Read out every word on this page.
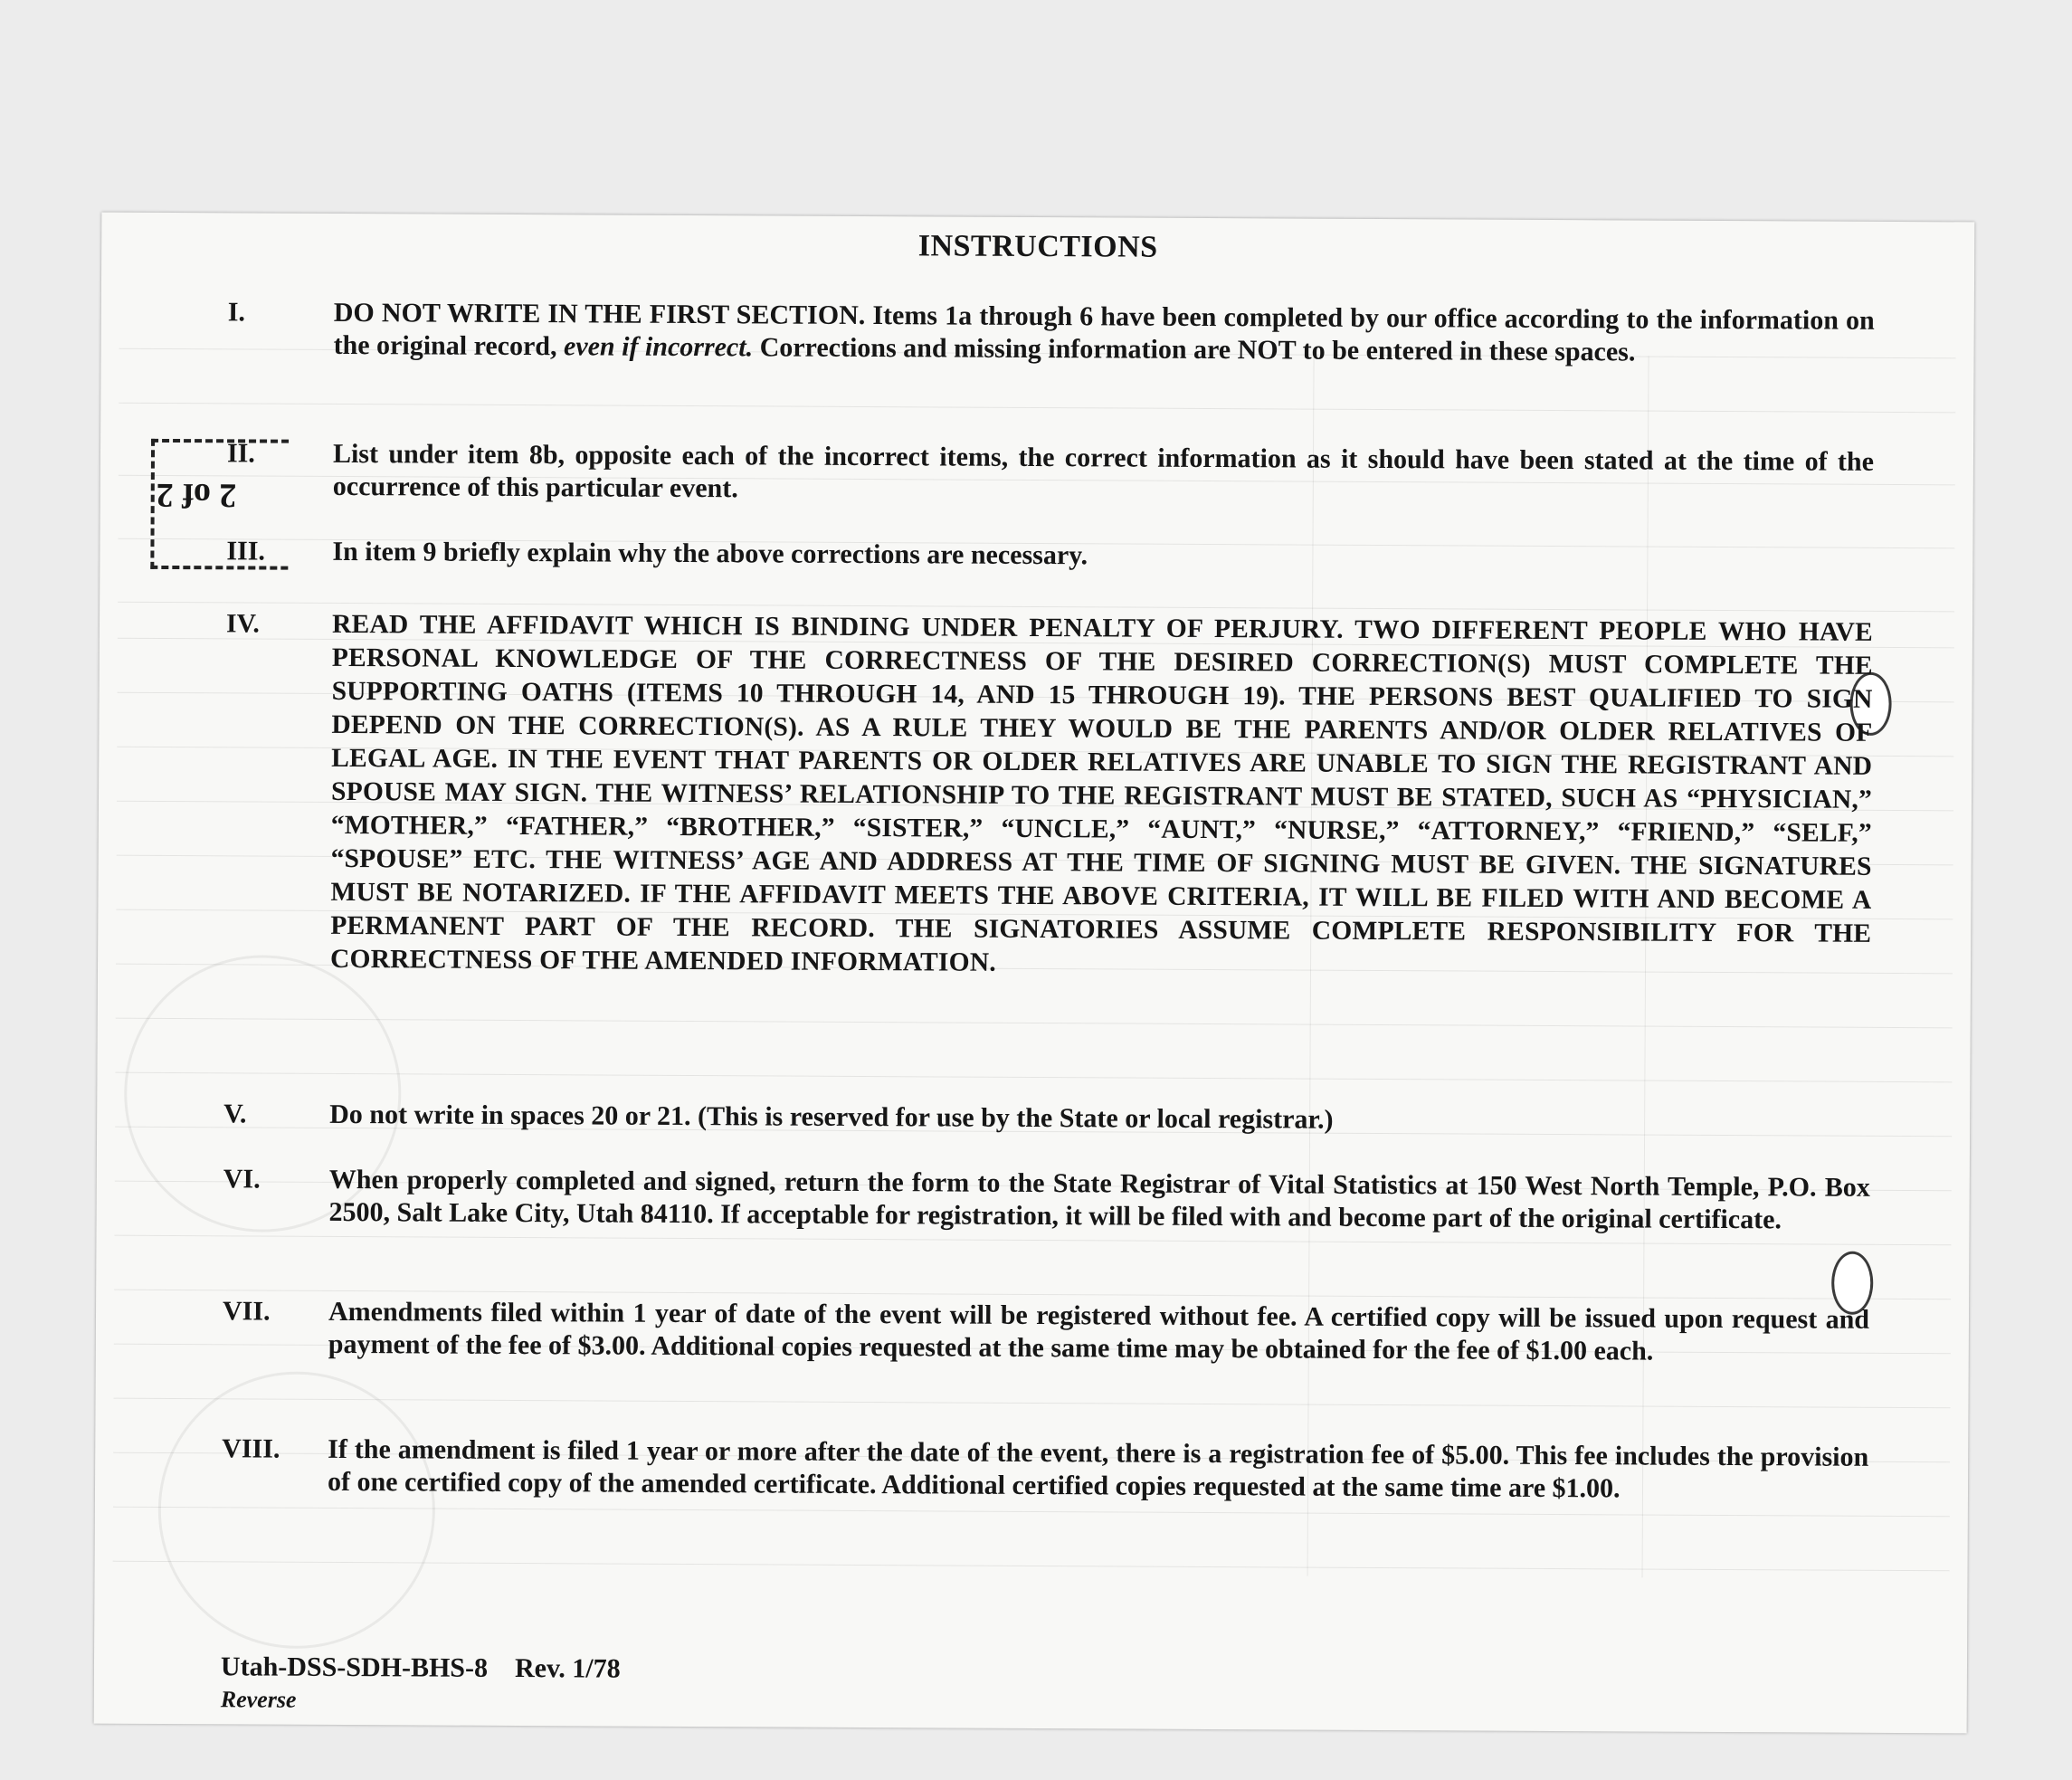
2 of 2
INSTRUCTIONS
I.	DO NOT WRITE IN THE FIRST SECTION. Items 1a through 6 have been completed by our office according to the information on the original record, even if incorrect. Corrections and missing information are NOT to be entered in these spaces.
II.	List under item 8b, opposite each of the incorrect items, the correct information as it should have been stated at the time of the occurrence of this particular event.
III.	In item 9 briefly explain why the above corrections are necessary.
IV.	READ THE AFFIDAVIT WHICH IS BINDING UNDER PENALTY OF PERJURY. TWO DIFFERENT PEOPLE WHO HAVE PERSONAL KNOWLEDGE OF THE CORRECTNESS OF THE DESIRED CORRECTION(S) MUST COMPLETE THE SUPPORTING OATHS (ITEMS 10 THROUGH 14, AND 15 THROUGH 19). THE PERSONS BEST QUALIFIED TO SIGN DEPEND ON THE CORRECTION(S). AS A RULE THEY WOULD BE THE PARENTS AND/OR OLDER RELATIVES OF LEGAL AGE. IN THE EVENT THAT PARENTS OR OLDER RELATIVES ARE UNABLE TO SIGN THE REGISTRANT AND SPOUSE MAY SIGN. THE WITNESS’ RELATIONSHIP TO THE REGISTRANT MUST BE STATED, SUCH AS “PHYSICIAN,” “MOTHER,” “FATHER,” “BROTHER,” “SISTER,” “UNCLE,” “AUNT,” “NURSE,” “ATTORNEY,” “FRIEND,” “SELF,” “SPOUSE” ETC. THE WITNESS’ AGE AND ADDRESS AT THE TIME OF SIGNING MUST BE GIVEN. THE SIGNATURES MUST BE NOTARIZED. IF THE AFFIDAVIT MEETS THE ABOVE CRITERIA, IT WILL BE FILED WITH AND BECOME A PERMANENT PART OF THE RECORD. THE SIGNATORIES ASSUME COMPLETE RESPONSIBILITY FOR THE CORRECTNESS OF THE AMENDED INFORMATION.
V.	Do not write in spaces 20 or 21. (This is reserved for use by the State or local registrar.)
VI.	When properly completed and signed, return the form to the State Registrar of Vital Statistics at 150 West North Temple, P.O. Box 2500, Salt Lake City, Utah 84110. If acceptable for registration, it will be filed with and become part of the original certificate.
VII.	Amendments filed within 1 year of date of the event will be registered without fee. A certified copy will be issued upon request and payment of the fee of $3.00. Additional copies requested at the same time may be obtained for the fee of $1.00 each.
VIII.	If the amendment is filed 1 year or more after the date of the event, there is a registration fee of $5.00. This fee includes the provision of one certified copy of the amended certificate. Additional certified copies requested at the same time are $1.00.
Utah-DSS-SDH-BHS-8 Rev. 1/78
Reverse
